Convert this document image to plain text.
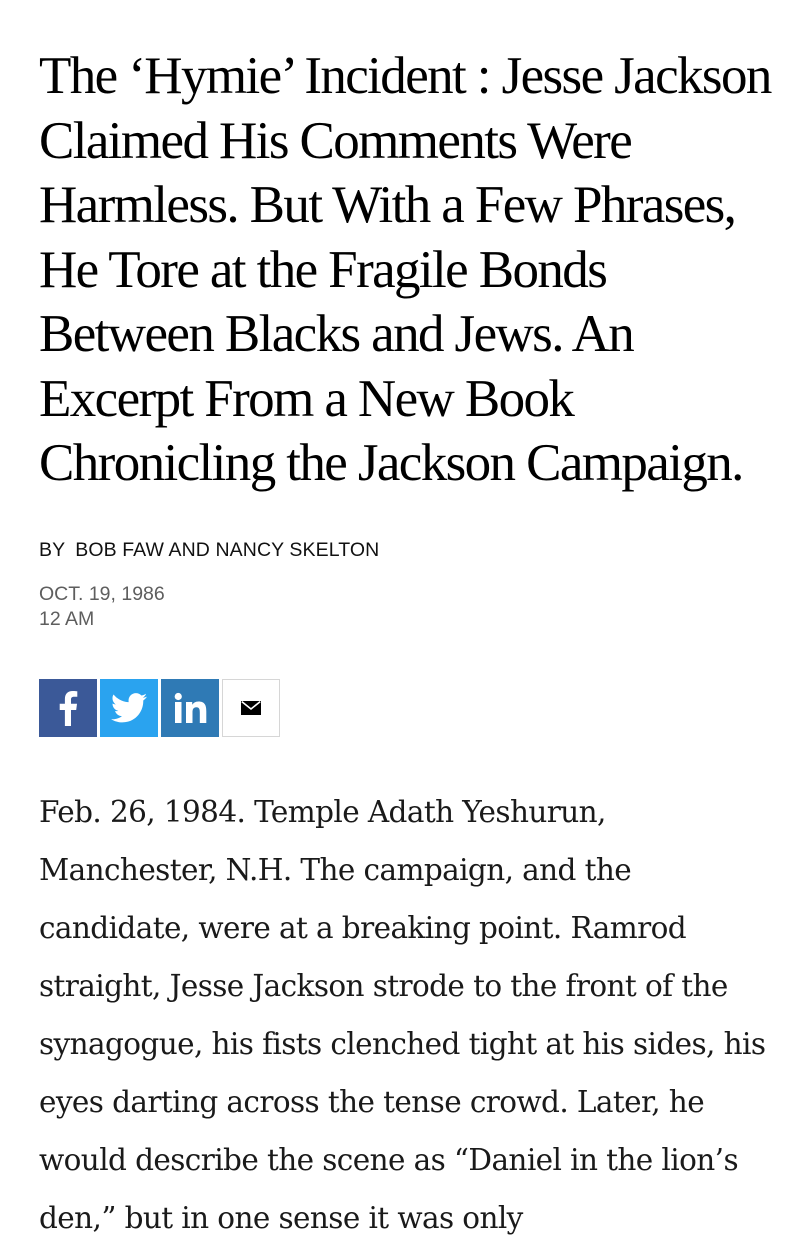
The ‘Hymie’ Incident : Jesse Jackson Claimed His Comments Were Harmless. But With a Few Phrases, He Tore at the Fragile Bonds Between Blacks and Jews. An Excerpt From a New Book Chronicling the Jackson Campaign.
BY BOB FAW AND NANCY SKELTON
OCT. 19, 1986
12 AM

Feb. 26, 1984. Temple Adath Yeshurun, Manchester, N.H. The campaign, and the candidate, were at a breaking point. Ramrod straight, Jesse Jackson strode to the front of the synagogue, his fists clenched tight at his sides, his eyes darting across the tense crowd. Later, he would describe the scene as “Daniel in the lion’s den,” but in one sense it was only
